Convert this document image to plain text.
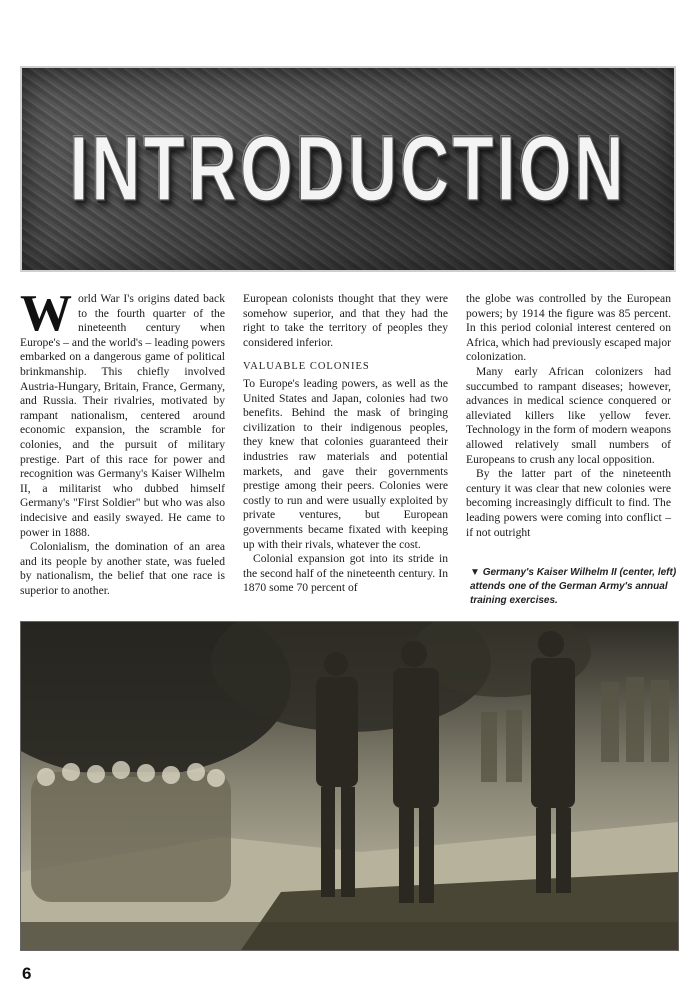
INTRODUCTION

World War I's origins dated back to the fourth quarter of the nineteenth century when Europe's – and the world's – leading powers embarked on a dangerous game of political brinkmanship. This chiefly involved Austria-Hungary, Britain, France, Germany, and Russia. Their rivalries, motivated by rampant nationalism, centered around economic expansion, the scramble for colonies, and the pursuit of military prestige. Part of this race for power and recognition was Germany's Kaiser Wilhelm II, a militarist who dubbed himself Germany's "First Soldier" but who was also indecisive and easily swayed. He came to power in 1888.

Colonialism, the domination of an area and its people by another state, was fueled by nationalism, the belief that one race is superior to another.

European colonists thought that they were somehow superior, and that they had the right to take the territory of peoples they considered inferior.

VALUABLE COLONIES

To Europe's leading powers, as well as the United States and Japan, colonies had two benefits. Behind the mask of bringing civilization to their indigenous peoples, they knew that colonies guaranteed their industries raw materials and potential markets, and gave their governments prestige among their peers. Colonies were costly to run and were usually exploited by private ventures, but European governments became fixated with keeping up with their rivals, whatever the cost.

Colonial expansion got into its stride in the second half of the nineteenth century. In 1870 some 70 percent of

the globe was controlled by the European powers; by 1914 the figure was 85 percent. In this period colonial interest centered on Africa, which had previously escaped major colonization.

Many early African colonizers had succumbed to rampant diseases; however, advances in medical science conquered or alleviated killers like yellow fever. Technology in the form of modern weapons allowed relatively small numbers of Europeans to crush any local opposition.

By the latter part of the nineteenth century it was clear that new colonies were becoming increasingly difficult to find. The leading powers were coming into conflict – if not outright

▼ Germany's Kaiser Wilhelm II (center, left) attends one of the German Army's annual training exercises.
6
